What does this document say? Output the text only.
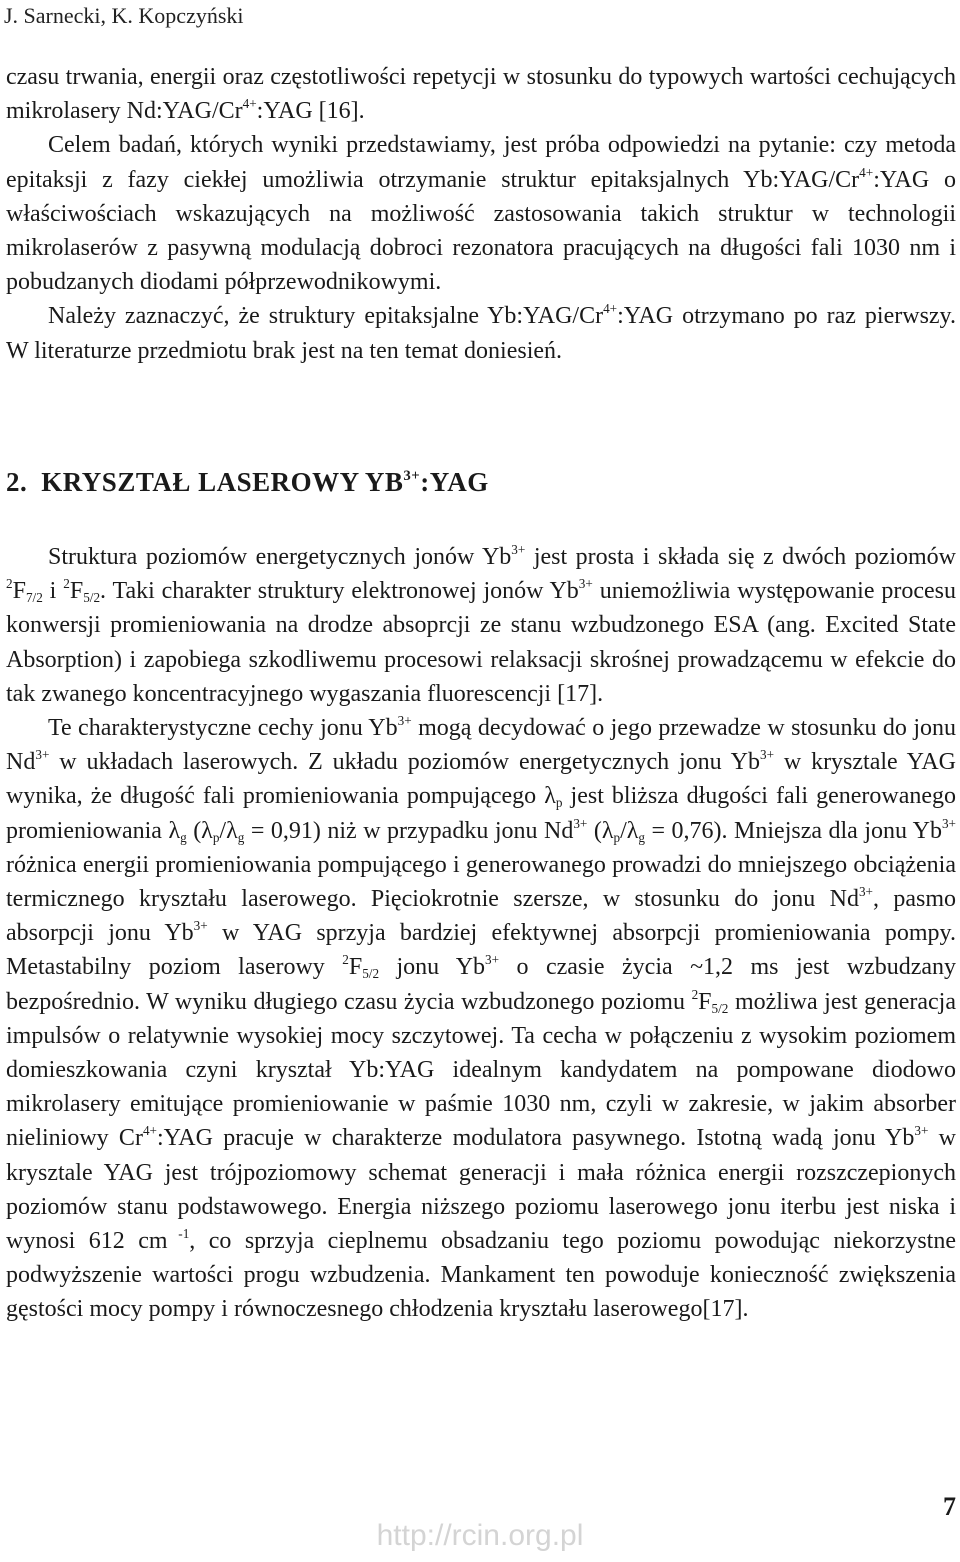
J. Sarnecki, K. Kopczyński

czasu trwania, energii oraz częstotliwości repetycji w stosunku do typowych wartości cechujących mikrolasery $Nd:YAG/Cr^{4+}:YAG$ [16].

Celem badań, których wyniki przedstawiamy, jest próba odpowiedzi na pytanie: czy metoda epitaksji z fazy ciekłej umożliwia otrzymanie struktur epitaksjalnych $Yb:YAG/Cr^{4+}:YAG$ o właściwościach wskazujących na możliwość zastosowania takich struktur w technologii mikrolaserów z pasywną modulacją dobroci rezonatora pracujących na długości fali 1030 nm i pobudzanych diodami półprzewodnikowymi.

Należy zaznaczyć, że struktury epitaksjalne $Yb:YAG/Cr^{4+}:YAG$ otrzymano po raz pierwszy. W literaturze przedmiotu brak jest na ten temat doniesień.

2. KRYSZTAŁ LASEROWY $YB^{3+}:YAG$

Struktura poziomów energetycznych jonów $Yb^{3+}$ jest prosta i składa się z dwóch poziomów $^2F_{7/2}$ i $^2F_{5/2}$. Taki charakter struktury elektronowej jonów $Yb^{3+}$ uniemożliwia występowanie procesu konwersji promieniowania na drodze absoprcji ze stanu wzbudzonego ESA (ang. Excited State Absorption) i zapobiega szkodliwemu procesowi relaksacji skrośnej prowadzącemu w efekcie do tak zwanego koncentracyjnego wygaszania fluorescencji [17].

Te charakterystyczne cechy jonu $Yb^{3+}$ mogą decydować o jego przewadze w stosunku do jonu $Nd^{3+}$ w układach laserowych. Z układu poziomów energetycznych jonu $Yb^{3+}$ w krysztale YAG wynika, że długość fali promieniowania pompującego $\lambda_p$ jest bliższa długości fali generowanego promieniowania $\lambda_g$ $(\lambda_p/\lambda_g = 0,91)$ niż w przypadku jonu $Nd^{3+}$ $(\lambda_p/\lambda_g = 0,76)$. Mniejsza dla jonu $Yb^{3+}$ różnica energii promieniowania pompującego i generowanego prowadzi do mniejszego obciążenia termicznego kryształu laserowego. Pięciokrotnie szersze, w stosunku do jonu $Nd^{3+}$, pasmo absorpcji jonu $Yb^{3+}$ w YAG sprzyja bardziej efektywnej absorpcji promieniowania pompy. Metastabilny poziom laserowy $^2F_{5/2}$ jonu $Yb^{3+}$ o czasie życia ~1,2 ms jest wzbudzany bezpośrednio. W wyniku długiego czasu życia wzbudzonego poziomu $^2F_{5/2}$ możliwa jest generacja impulsów o relatywnie wysokiej mocy szczytowej. Ta cecha w połączeniu z wysokim poziomem domieszkowania czyni kryształ Yb:YAG idealnym kandydatem na pompowane diodowo mikrolasery emitujące promieniowanie w paśmie 1030 nm, czyli w zakresie, w jakim absorber nieliniowy $Cr^{4+}:YAG$ pracuje w charakterze modulatora pasywnego. Istotną wadą jonu $Yb^{3+}$ w krysztale YAG jest trójpoziomowy schemat generacji i mała różnica energii rozszczepionych poziomów stanu podstawowego. Energia niższego poziomu laserowego jonu iterbu jest niska i wynosi 612 cm $^{-1}$, co sprzyja cieplnemu obsadzaniu tego poziomu powodując niekorzystne podwyższenie wartości progu wzbudzenia. Mankament ten powoduje konieczność zwiększenia gęstości mocy pompy i równoczesnego chłodzenia kryształu laserowego[17].

7
http://rcin.org.pl
